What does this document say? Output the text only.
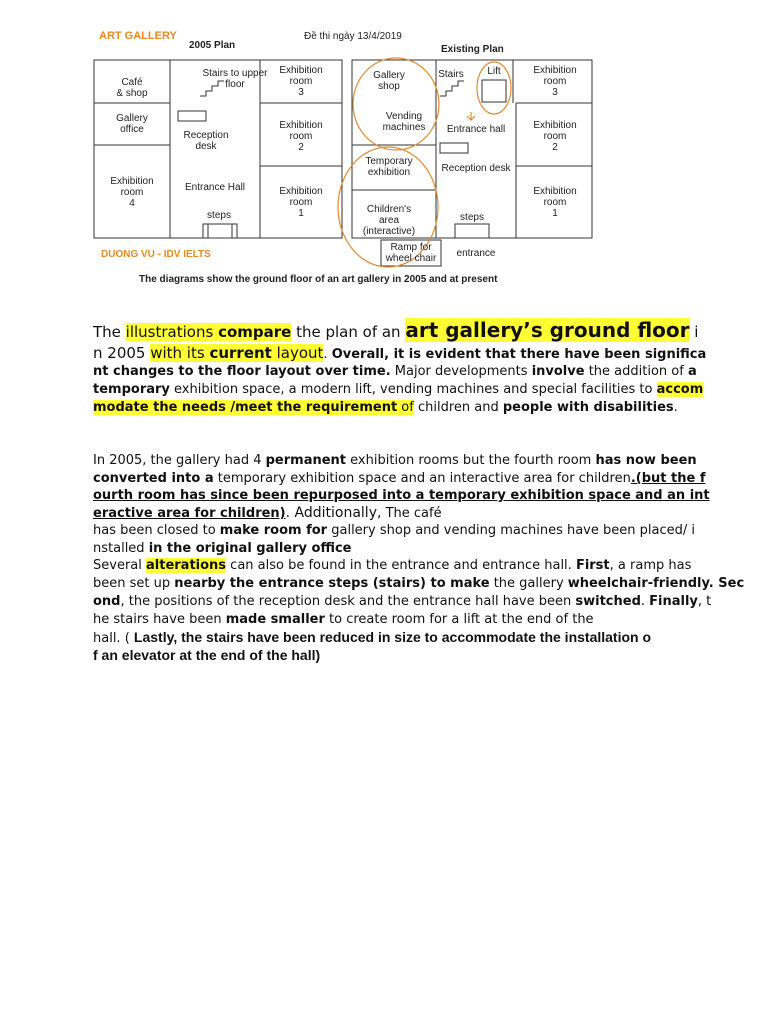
ART GALLERY
2005 Plan
Đề thi ngày 13/4/2019
Existing Plan
Café
& shop
Gallery
office
Exhibition
room
4
Stairs to upper
floor
Reception
desk
Entrance Hall
steps
Exhibition
room
3
Exhibition
room
2
Exhibition
room
1
Gallery
shop
Vending
machines
Temporary
exhibition
Children's
area
(interactive)
Ramp for
wheel chair
Stairs	Lift
Entrance hall
Reception desk
steps
entrance
Exhibition
room
3
Exhibition
room
2
Exhibition
room
1
DUONG VU - IDV IELTS
The diagrams show the ground floor of an art gallery in 2005 and at present
The illustrations compare the plan of an art gallery’s ground floor i
n 2005 with its current layout. Overall, it is evident that there have been significa
nt changes to the floor layout over time. Major developments involve the addition of a
temporary exhibition space, a modern lift, vending machines and special facilities to accom
modate the needs /meet the requirement of children and people with disabilities.
In 2005, the gallery had 4 permanent exhibition rooms but the fourth room has now been
converted into a temporary exhibition space and an interactive area for children.(but the f
ourth room has since been repurposed into a temporary exhibition space and an int
eractive area for children). Additionally, The café
has been closed to make room for gallery shop and vending machines have been placed/ i
nstalled in the original gallery office
Several alterations can also be found in the entrance and entrance hall. First, a ramp has
been set up nearby the entrance steps (stairs) to make the gallery wheelchair-friendly. Sec
ond, the positions of the reception desk and the entrance hall have been switched. Finally, t
he stairs have been made smaller to create room for a lift at the end of the
hall. ( Lastly, the stairs have been reduced in size to accommodate the installation o
f an elevator at the end of the hall)
